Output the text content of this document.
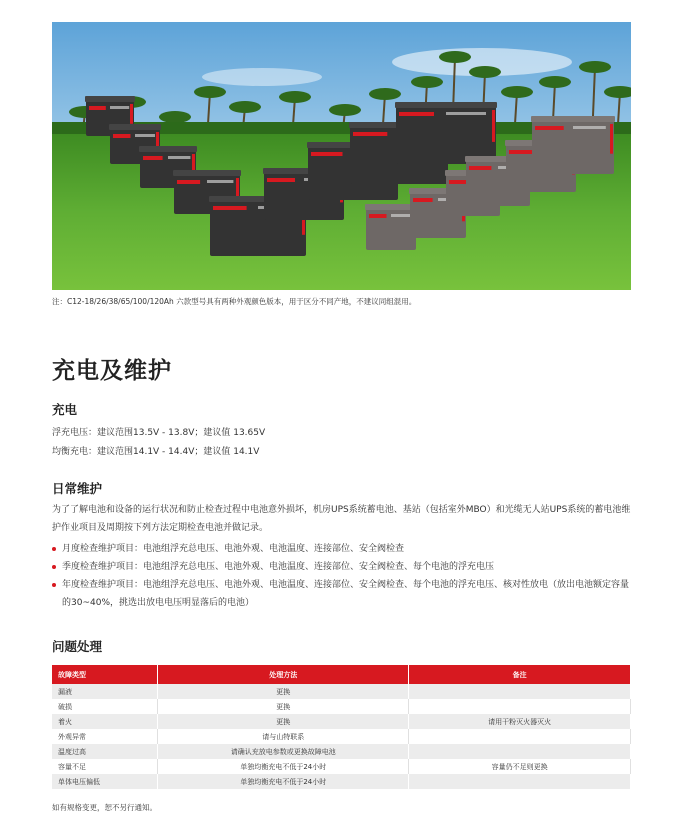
注：C12-18/26/38/65/100/120Ah 六款型号具有两种外观颜色版本，用于区分不同产地，不建议同组混用。
充电及维护
充电
浮充电压：建议范围13.5V - 13.8V；建议值 13.65V
均衡充电：建议范围14.1V - 14.4V；建议值 14.1V
日常维护
为了了解电池和设备的运行状况和防止检查过程中电池意外损坏，机房UPS系统蓄电池、基站（包括室外MBO）和光缆无人站UPS系统的蓄电池维护作业项目及周期按下列方法定期检查电池并做记录。
月度检查维护项目：电池组浮充总电压、电池外观、电池温度、连接部位、安全阀检查
季度检查维护项目：电池组浮充总电压、电池外观、电池温度、连接部位、安全阀检查、每个电池的浮充电压
年度检查维护项目：电池组浮充总电压、电池外观、电池温度、连接部位、安全阀检查、每个电池的浮充电压、核对性放电（放出电池额定容量的30~40%，挑选出放电电压明显落后的电池）
问题处理
故障类型	处理方法	备注
漏液	更换	
破损	更换	
着火	更换	请用干粉灭火器灭火
外观异常	请与山特联系	
温度过高	请确认充放电参数或更换故障电池	
容量不足	单独均衡充电不低于24小时	容量仍不足则更换
单体电压偏低	单独均衡充电不低于24小时	
如有规格变更，恕不另行通知。
